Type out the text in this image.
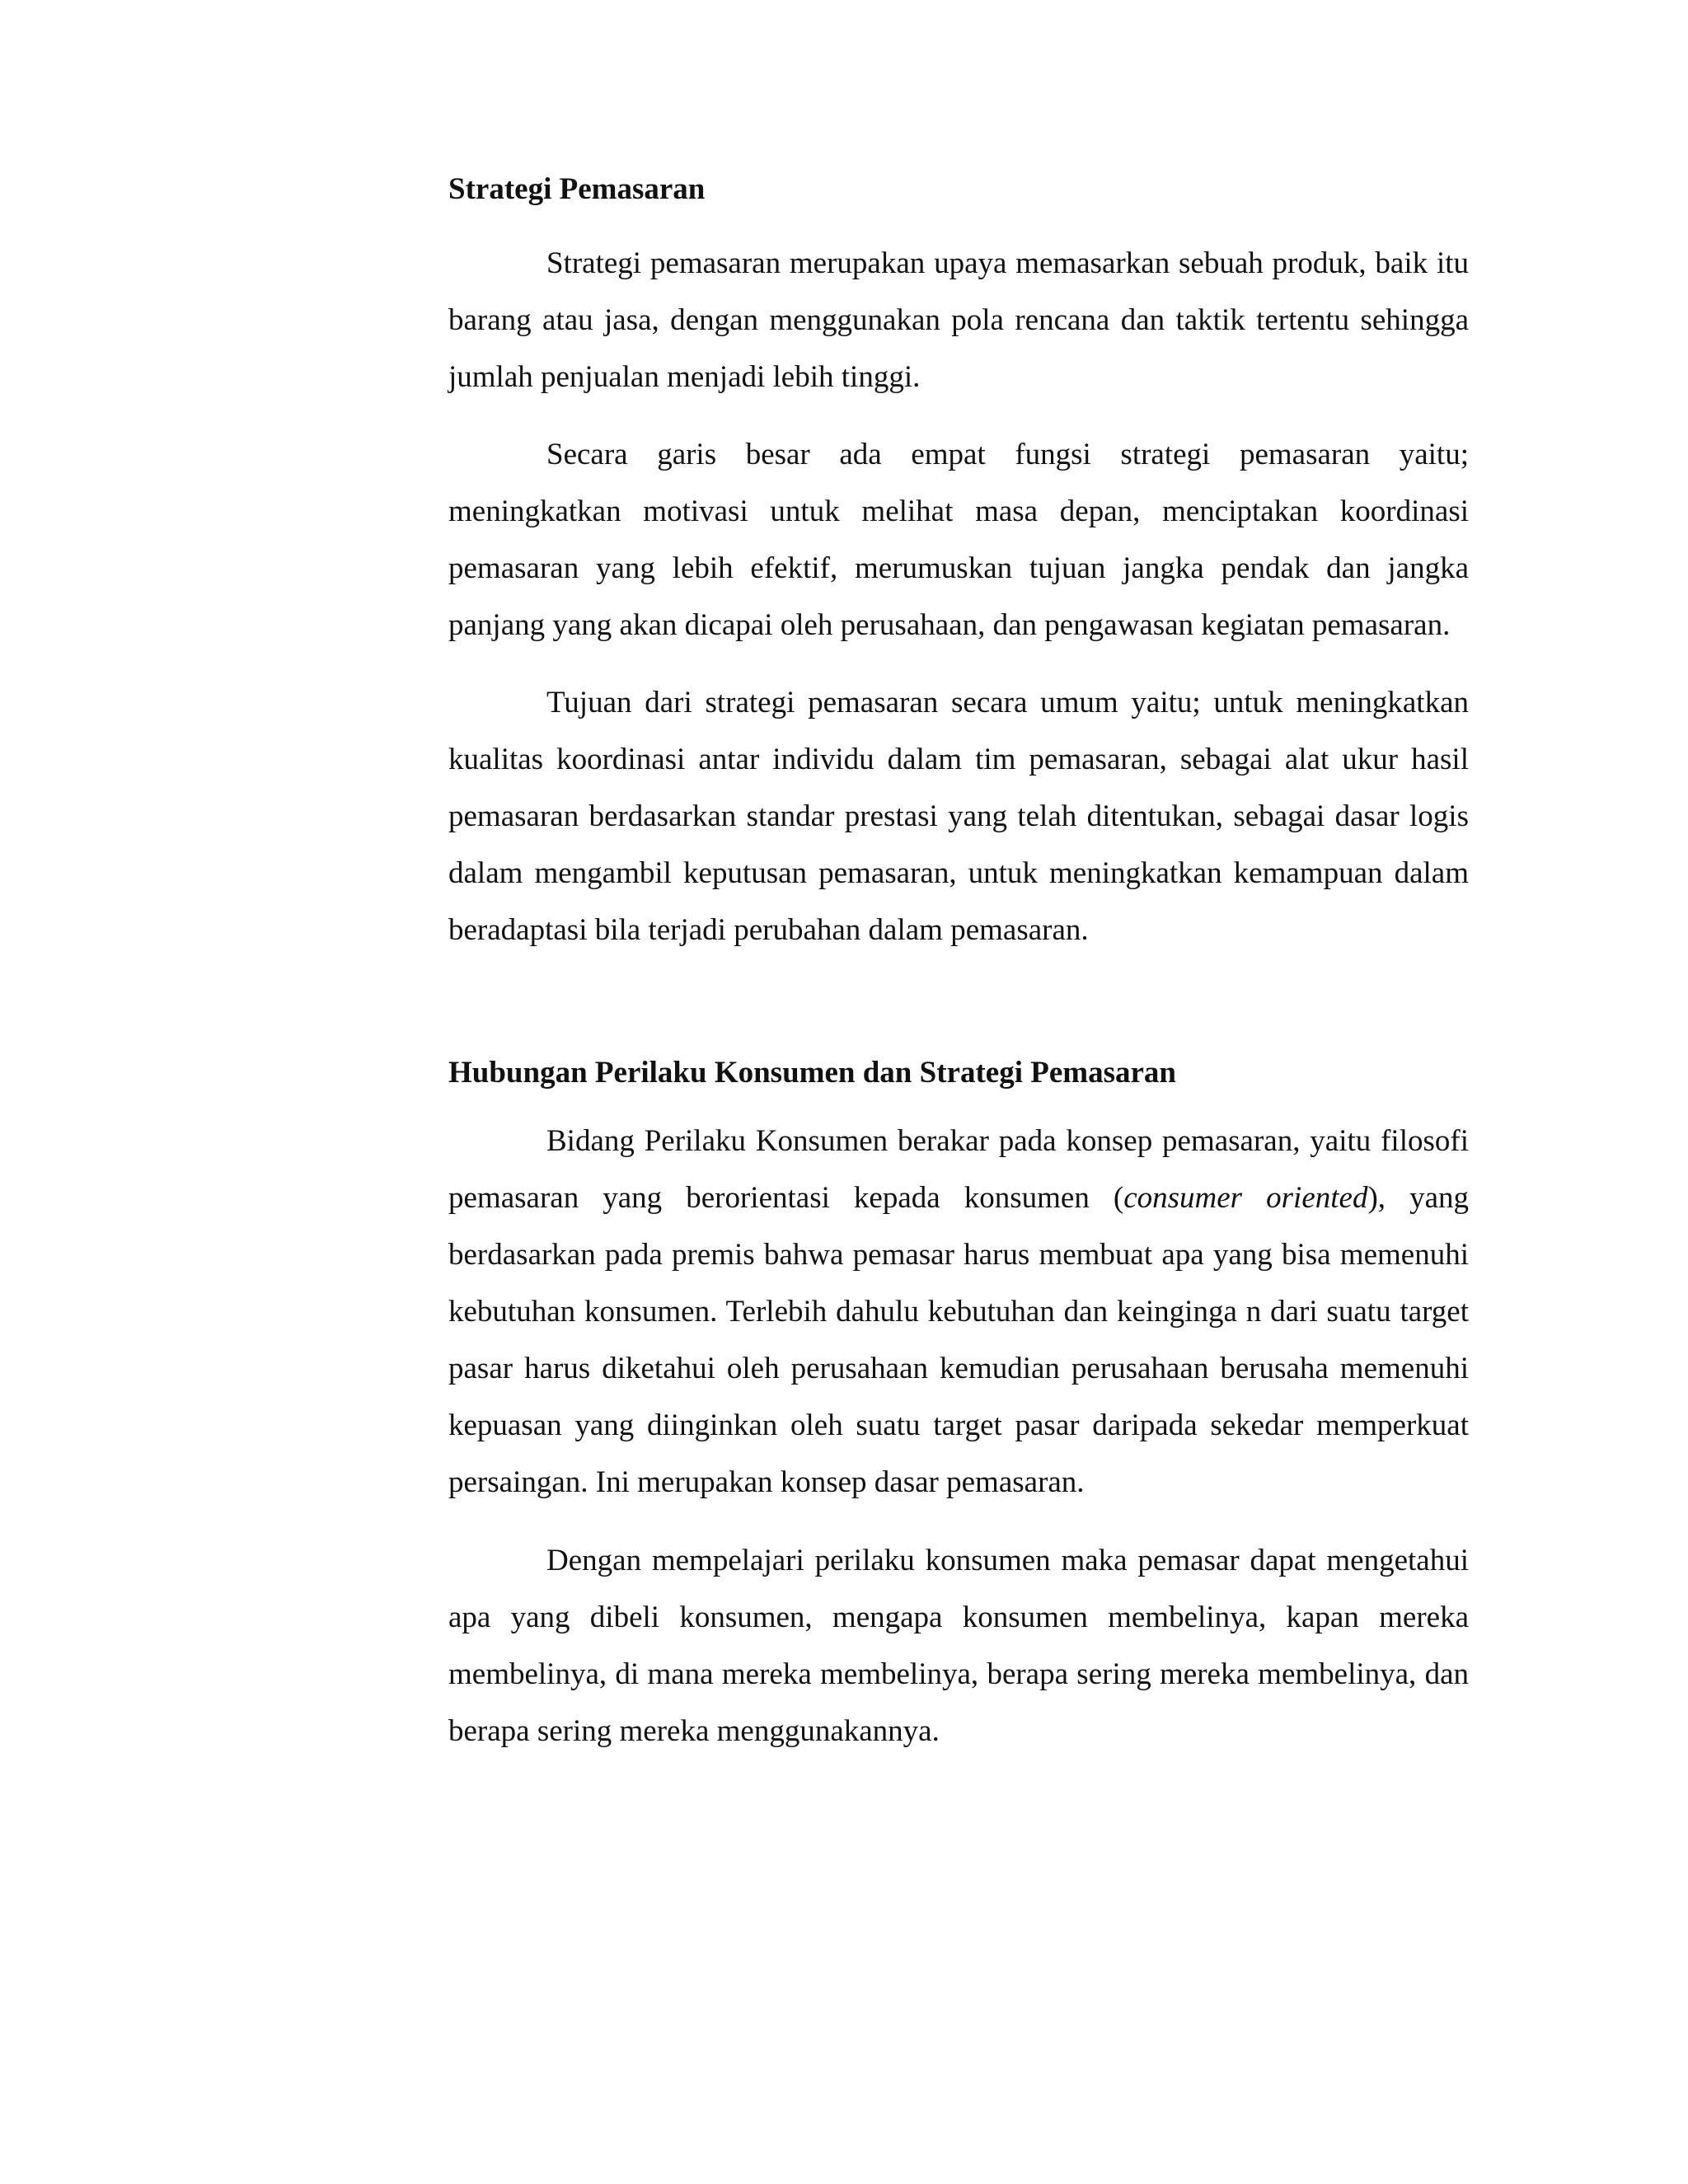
Strategi Pemasaran

Strategi pemasaran merupakan upaya memasarkan sebuah produk, baik itu barang atau jasa, dengan menggunakan pola rencana dan taktik tertentu sehingga jumlah penjualan menjadi lebih tinggi.

Secara garis besar ada empat fungsi strategi pemasaran yaitu; meningkatkan motivasi untuk melihat masa depan, menciptakan koordinasi pemasaran yang lebih efektif, merumuskan tujuan jangka pendak dan jangka panjang yang akan dicapai oleh perusahaan, dan pengawasan kegiatan pemasaran.

Tujuan dari strategi pemasaran secara umum yaitu; untuk meningkatkan kualitas koordinasi antar individu dalam tim pemasaran, sebagai alat ukur hasil pemasaran berdasarkan standar prestasi yang telah ditentukan, sebagai dasar logis dalam mengambil keputusan pemasaran, untuk meningkatkan kemampuan dalam beradaptasi bila terjadi perubahan dalam pemasaran.

Hubungan Perilaku Konsumen dan Strategi Pemasaran

Bidang Perilaku Konsumen berakar pada konsep pemasaran, yaitu filosofi pemasaran yang berorientasi kepada konsumen (consumer oriented), yang berdasarkan pada premis bahwa pemasar harus membuat apa yang bisa memenuhi kebutuhan konsumen. Terlebih dahulu kebutuhan dan keinginga n dari suatu target pasar harus diketahui oleh perusahaan kemudian perusahaan berusaha memenuhi kepuasan yang diinginkan oleh suatu target pasar daripada sekedar memperkuat persaingan. Ini merupakan konsep dasar pemasaran.

Dengan mempelajari perilaku konsumen maka pemasar dapat mengetahui apa yang dibeli konsumen, mengapa konsumen membelinya, kapan mereka membelinya, di mana mereka membelinya, berapa sering mereka membelinya, dan berapa sering mereka menggunakannya.
